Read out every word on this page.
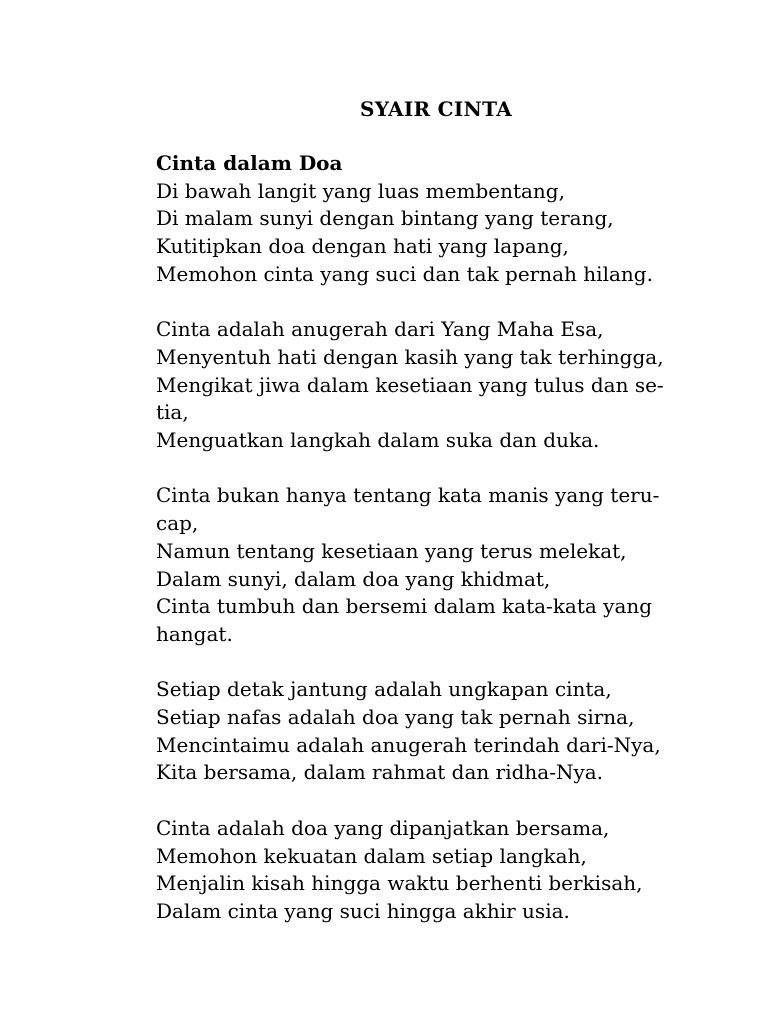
SYAIR CINTA
Cinta dalam Doa
Di bawah langit yang luas membentang,
Di malam sunyi dengan bintang yang terang,
Kutitipkan doa dengan hati yang lapang,
Memohon cinta yang suci dan tak pernah hilang.
Cinta adalah anugerah dari Yang Maha Esa,
Menyentuh hati dengan kasih yang tak terhingga,
Mengikat jiwa dalam kesetiaan yang tulus dan se-
tia,
Menguatkan langkah dalam suka dan duka.
Cinta bukan hanya tentang kata manis yang teru-
cap,
Namun tentang kesetiaan yang terus melekat,
Dalam sunyi, dalam doa yang khidmat,
Cinta tumbuh dan bersemi dalam kata-kata yang
hangat.
Setiap detak jantung adalah ungkapan cinta,
Setiap nafas adalah doa yang tak pernah sirna,
Mencintaimu adalah anugerah terindah dari-Nya,
Kita bersama, dalam rahmat dan ridha-Nya.
Cinta adalah doa yang dipanjatkan bersama,
Memohon kekuatan dalam setiap langkah,
Menjalin kisah hingga waktu berhenti berkisah,
Dalam cinta yang suci hingga akhir usia.
